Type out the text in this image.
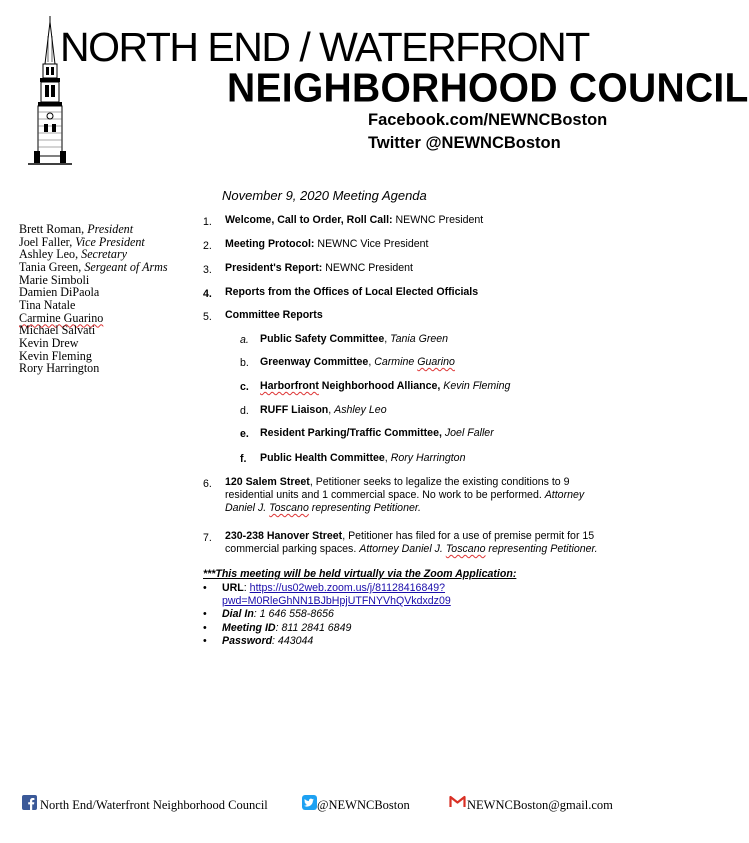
NORTH END / WATERFRONT
NEIGHBORHOOD COUNCIL
Facebook.com/NEWNCBoston
Twitter @NEWNCBoston
Brett Roman, President
Joel Faller, Vice President
Ashley Leo, Secretary
Tania Green, Sergeant of Arms
Marie Simboli
Damien DiPaola
Tina Natale
Carmine Guarino
Michael Salvati
Kevin Drew
Kevin Fleming
Rory Harrington
November 9, 2020 Meeting Agenda
1.	Welcome, Call to Order, Roll Call: NEWNC President
2.	Meeting Protocol: NEWNC Vice President
3.	President's Report: NEWNC President
4.	Reports from the Offices of Local Elected Officials
5.	Committee Reports
a.	Public Safety Committee, Tania Green
b.	Greenway Committee, Carmine Guarino
c.	Harborfront Neighborhood Alliance, Kevin Fleming
d.	RUFF Liaison, Ashley Leo
e.	Resident Parking/Traffic Committee, Joel Faller
f.	Public Health Committee, Rory Harrington
6.	120 Salem Street, Petitioner seeks to legalize the existing conditions to 9 residential units and 1 commercial space. No work to be performed. Attorney Daniel J. Toscano representing Petitioner.
7.	230-238 Hanover Street, Petitioner has filed for a use of premise permit for 15 commercial parking spaces. Attorney Daniel J. Toscano representing Petitioner.
***This meeting will be held virtually via the Zoom Application:
• URL: https://us02web.zoom.us/j/81128416849?
pwd=M0RleGhNN1BJbHpjUTFNYVhQVkdxdz09
• Dial In: 1 646 558-8656
• Meeting ID: 811 2841 6849
• Password: 443044
North End/Waterfront Neighborhood Council	@NEWNCBoston	NEWNCBoston@gmail.com
